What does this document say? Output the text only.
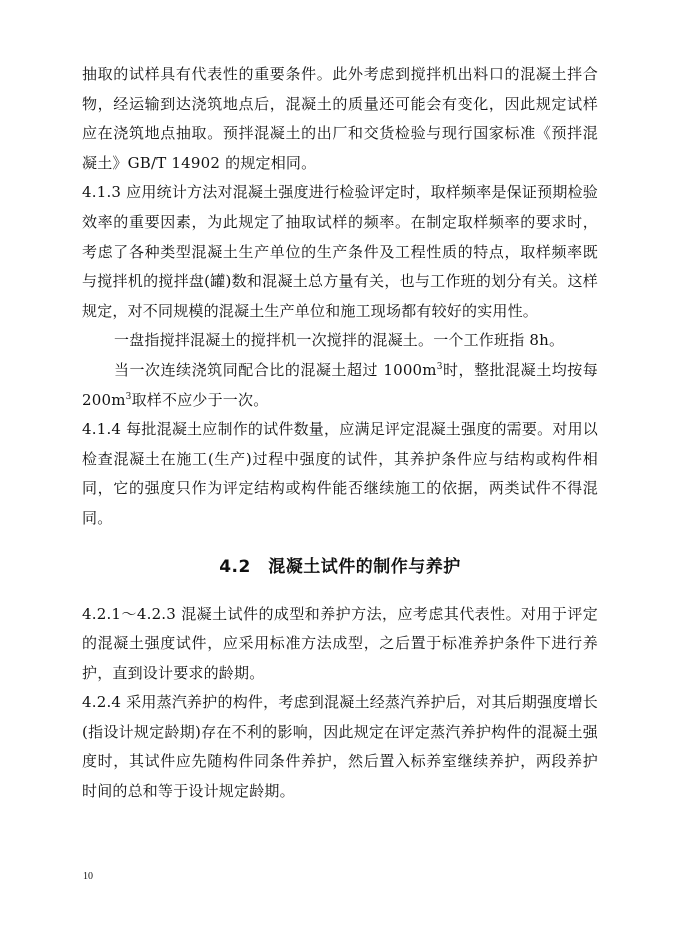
抽取的试样具有代表性的重要条件。此外考虑到搅拌机出料口的混凝土拌合物，经运输到达浇筑地点后，混凝土的质量还可能会有变化，因此规定试样应在浇筑地点抽取。预拌混凝土的出厂和交货检验与现行国家标准《预拌混凝土》GB/T 14902 的规定相同。

4.1.3 应用统计方法对混凝土强度进行检验评定时，取样频率是保证预期检验效率的重要因素，为此规定了抽取试样的频率。在制定取样频率的要求时，考虑了各种类型混凝土生产单位的生产条件及工程性质的特点，取样频率既与搅拌机的搅拌盘(罐)数和混凝土总方量有关，也与工作班的划分有关。这样规定，对不同规模的混凝土生产单位和施工现场都有较好的实用性。

一盘指搅拌混凝土的搅拌机一次搅拌的混凝土。一个工作班指 8h。

当一次连续浇筑同配合比的混凝土超过 $1000m^3$时，整批混凝土均按每 $200m^3$取样不应少于一次。

4.1.4 每批混凝土应制作的试件数量，应满足评定混凝土强度的需要。对用以检查混凝土在施工(生产)过程中强度的试件，其养护条件应与结构或构件相同，它的强度只作为评定结构或构件能否继续施工的依据，两类试件不得混同。

4.2　混凝土试件的制作与养护

4.2.1～4.2.3 混凝土试件的成型和养护方法，应考虑其代表性。对用于评定的混凝土强度试件，应采用标准方法成型，之后置于标准养护条件下进行养护，直到设计要求的龄期。

4.2.4 采用蒸汽养护的构件，考虑到混凝土经蒸汽养护后，对其后期强度增长(指设计规定龄期)存在不利的影响，因此规定在评定蒸汽养护构件的混凝土强度时，其试件应先随构件同条件养护，然后置入标养室继续养护，两段养护时间的总和等于设计规定龄期。

10
